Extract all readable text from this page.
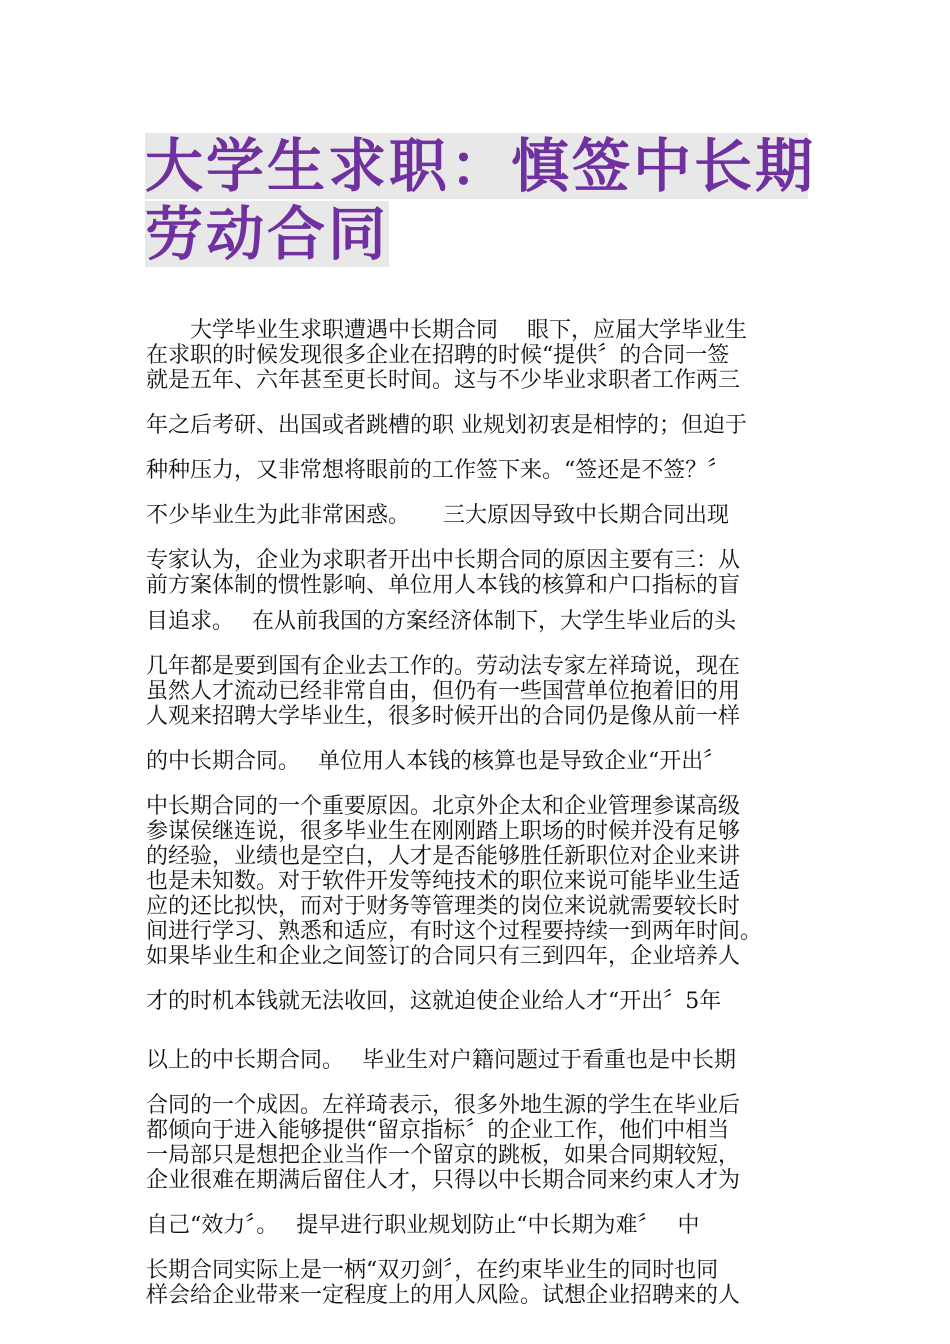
大学生求职：慎签中长期 劳动合同
　　大学毕业生求职遭遇中长期合同　 眼下，应届大学毕业生
在求职的时候发现很多企业在招聘的时候“提供〞的合同一签
就是五年、六年甚至更长时间。这与不少毕业求职者工作两三
年之后考研、出国或者跳槽的职 业规划初衷是相悖的；但迫于
种种压力，又非常想将眼前的工作签下来。“签还是不签？〞
不少毕业生为此非常困惑。　　三大原因导致中长期合同出现
专家认为，企业为求职者开出中长期合同的原因主要有三：从
前方案体制的惯性影响、单位用人本钱的核算和户口指标的盲
目追求。　 在从前我国的方案经济体制下，大学生毕业后的头
几年都是要到国有企业去工作的。劳动法专家左祥琦说，现在
虽然人才流动已经非常自由，但仍有一些国营单位抱着旧的用
人观来招聘大学毕业生，很多时候开出的合同仍是像从前一样
的中长期合同。　 单位用人本钱的核算也是导致企业“开出〞
中长期合同的一个重要原因。北京外企太和企业管理参谋高级
参谋侯继连说，很多毕业生在刚刚踏上职场的时候并没有足够
的经验，业绩也是空白，人才是否能够胜任新职位对企业来讲
也是未知数。对于软件开发等纯技术的职位来说可能毕业生适
应的还比拟快，而对于财务等管理类的岗位来说就需要较长时
间进行学习、熟悉和适应，有时这个过程要持续一到两年时间。
如果毕业生和企业之间签订的合同只有三到四年，企业培养人
才的时机本钱就无法收回，这就迫使企业给人才“开出〞5年
以上的中长期合同。　 毕业生对户籍问题过于看重也是中长期
合同的一个成因。左祥琦表示，很多外地生源的学生在毕业后
都倾向于进入能够提供“留京指标〞的企业工作，他们中相当
一局部只是想把企业当作一个留京的跳板，如果合同期较短，
企业很难在期满后留住人才，只得以中长期合同来约束人才为
自己“效力〞。　 提早进行职业规划防止“中长期为难〞　 中
长期合同实际上是一柄“双刃剑〞，在约束毕业生的同时也同
样会给企业带来一定程度上的用人风险。试想企业招聘来的人
